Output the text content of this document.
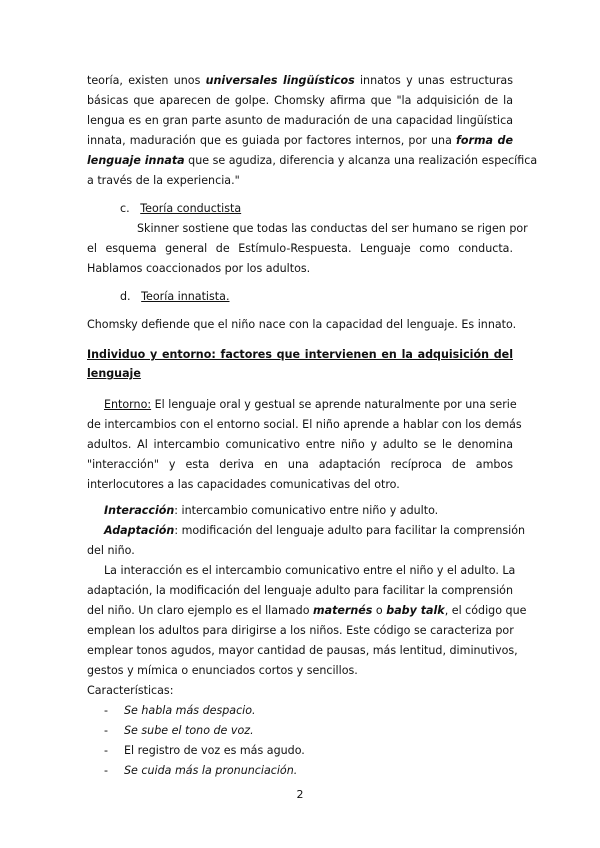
teoría, existen unos universales lingüísticos innatos y unas estructuras
básicas que aparecen de golpe. Chomsky afirma que "la adquisición de la
lengua es en gran parte asunto de maduración de una capacidad lingüística
innata, maduración que es guiada por factores internos, por una forma de
lenguaje innata que se agudiza, diferencia y alcanza una realización específica
a través de la experiencia."
c. Teoría conductista
Skinner sostiene que todas las conductas del ser humano se rigen por
el esquema general de Estímulo-Respuesta. Lenguaje como conducta.
Hablamos coaccionados por los adultos.
d. Teoría innatista.
Chomsky defiende que el niño nace con la capacidad del lenguaje. Es innato.
Individuo y entorno: factores que intervienen en la adquisición del
lenguaje
Entorno: El lenguaje oral y gestual se aprende naturalmente por una serie
de intercambios con el entorno social. El niño aprende a hablar con los demás
adultos. Al intercambio comunicativo entre niño y adulto se le denomina
"interacción" y esta deriva en una adaptación recíproca de ambos
interlocutores a las capacidades comunicativas del otro.
Interacción: intercambio comunicativo entre niño y adulto.
Adaptación: modificación del lenguaje adulto para facilitar la comprensión
del niño.
La interacción es el intercambio comunicativo entre el niño y el adulto. La
adaptación, la modificación del lenguaje adulto para facilitar la comprensión
del niño. Un claro ejemplo es el llamado maternés o baby talk, el código que
emplean los adultos para dirigirse a los niños. Este código se caracteriza por
emplear tonos agudos, mayor cantidad de pausas, más lentitud, diminutivos,
gestos y mímica o enunciados cortos y sencillos.
Características:
- Se habla más despacio.
- Se sube el tono de voz.
- El registro de voz es más agudo.
- Se cuida más la pronunciación.
2
